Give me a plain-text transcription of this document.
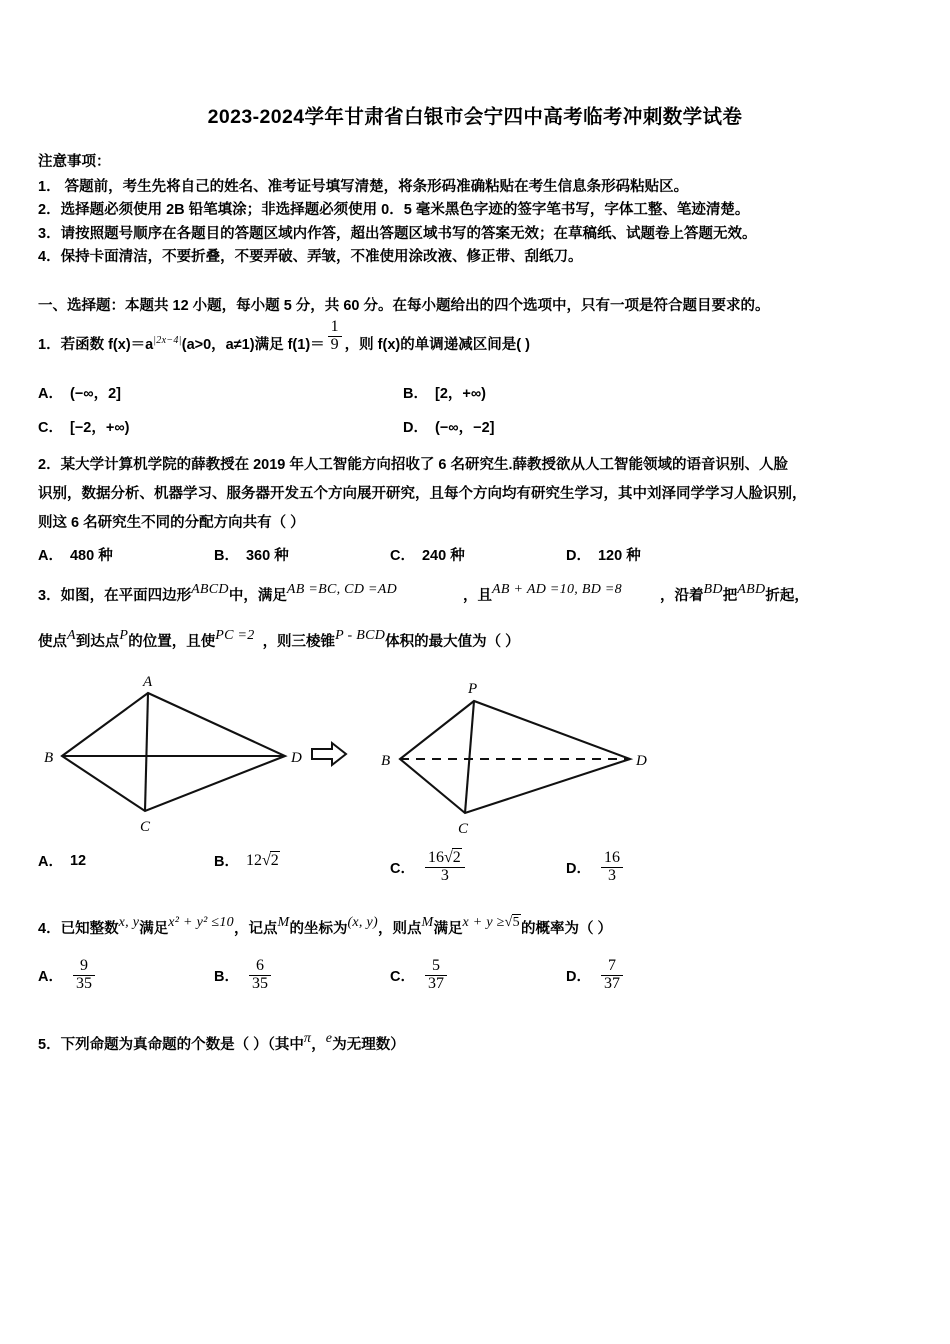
2023-2024学年甘肃省白银市会宁四中高考临考冲刺数学试卷
注意事项：
1． 答题前，考生先将自己的姓名、准考证号填写清楚，将条形码准确粘贴在考生信息条形码粘贴区。
2．选择题必须使用 2B 铅笔填涂；非选择题必须使用 0．5 毫米黑色字迹的签字笔书写，字体工整、笔迹清楚。
3．请按照题号顺序在各题目的答题区域内作答，超出答题区域书写的答案无效；在草稿纸、试题卷上答题无效。
4．保持卡面清洁，不要折叠，不要弄破、弄皱，不准使用涂改液、修正带、刮纸刀。
一、选择题：本题共 12 小题，每小题 5 分，共 60 分。在每小题给出的四个选项中，只有一项是符合题目要求的。
1．若函数 $f(x)=a^{|2x-4|}(a>0$，a≠1)满足 $f(1)= \frac{1}{9}$ ，则 f(x)的单调递减区间是( )
A． (−∞，2]	B． [2，+∞)
C． [−2，+∞)	D． (−∞，−2]
2．某大学计算机学院的薛教授在 2019 年人工智能方向招收了 6 名研究生.薛教授欲从人工智能领域的语音识别、人脸
识别，数据分析、机器学习、服务器开发五个方向展开研究，且每个方向均有研究生学习，其中刘泽同学学习人脸识别，
则这 6 名研究生不同的分配方向共有（ ）
A． 480 种	B． 360 种	C． 240 种	D． 120 种
3．如图，在平面四边形ABCD中，满足AB =BC, CD =AD	，且AB + AD =10, BD =8	，沿着BD把ABD折起，
使点A到达点P的位置，且使PC =2 ，则三棱锥P - BCD体积的最大值为（ ）
A
B
C
D
P
B
C
D
A． 12	B． 12√2
C． $\frac{16√2}{3}$	D． $\frac{16}{3}$
4．已知整数x, y满足x² + y² ≤10，记点M的坐标为(x, y)，则点M满足x + y ≥√5的概率为（ ）
A． $\frac{9}{35}$	B． $\frac{6}{35}$	C． $\frac{5}{37}$	D． $\frac{7}{37}$
5．下列命题为真命题的个数是（ ）（其中π，e为无理数）
